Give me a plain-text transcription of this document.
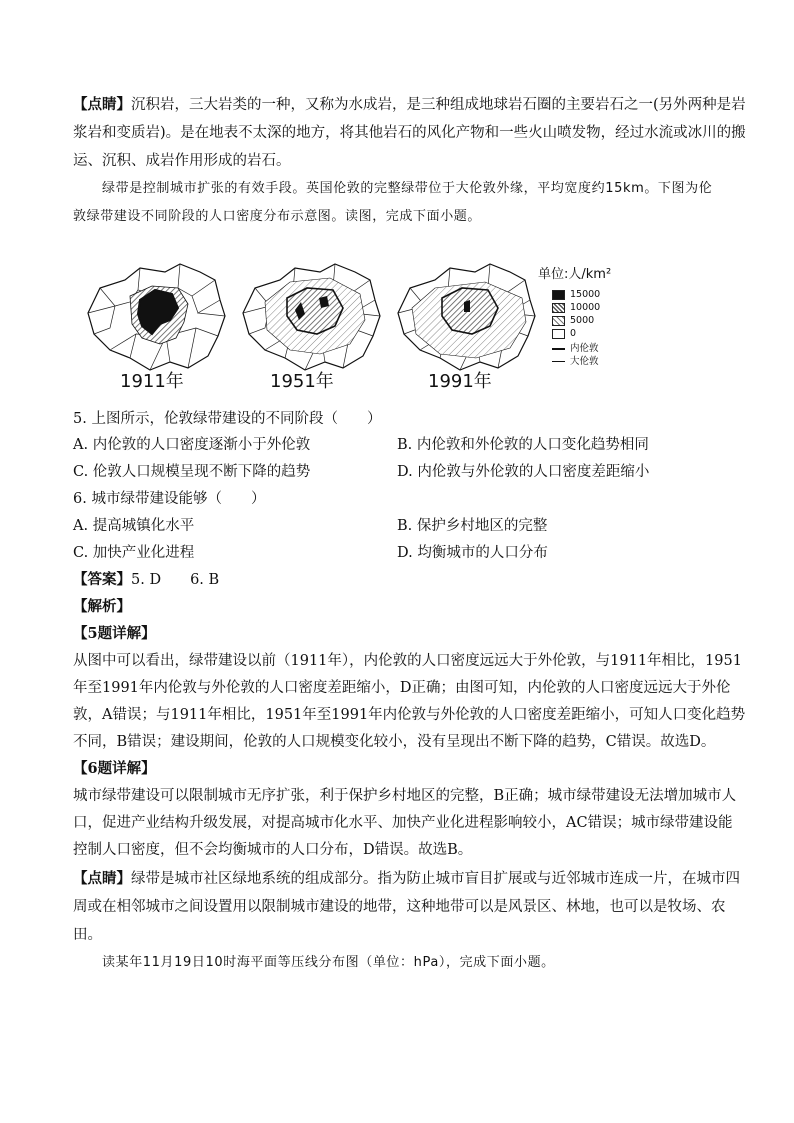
【点睛】沉积岩，三大岩类的一种，又称为水成岩，是三种组成地球岩石圈的主要岩石之一(另外两种是岩
浆岩和变质岩)。是在地表不太深的地方，将其他岩石的风化产物和一些火山喷发物，经过水流或冰川的搬
运、沉积、成岩作用形成的岩石。
绿带是控制城市扩张的有效手段。英国伦敦的完整绿带位于大伦敦外缘，平均宽度约15km。下图为伦
敦绿带建设不同阶段的人口密度分布示意图。读图，完成下面小题。
单位:人/km²
15000
10000
5000
0
内伦敦
大伦敦
1911年	1951年	1991年
5. 上图所示，伦敦绿带建设的不同阶段（　　）
A. 内伦敦的人口密度逐渐小于外伦敦	B. 内伦敦和外伦敦的人口变化趋势相同
C. 伦敦人口规模呈现不断下降的趋势	D. 内伦敦与外伦敦的人口密度差距缩小
6. 城市绿带建设能够（　　）
A. 提高城镇化水平	B. 保护乡村地区的完整
C. 加快产业化进程	D. 均衡城市的人口分布
【答案】5. D　　6. B
【解析】
【5题详解】
从图中可以看出，绿带建设以前（1911年），内伦敦的人口密度远远大于外伦敦，与1911年相比，1951
年至1991年内伦敦与外伦敦的人口密度差距缩小，D正确；由图可知，内伦敦的人口密度远远大于外伦
敦，A错误；与1911年相比，1951年至1991年内伦敦与外伦敦的人口密度差距缩小，可知人口变化趋势
不同，B错误；建设期间，伦敦的人口规模变化较小，没有呈现出不断下降的趋势，C错误。故选D。
【6题详解】
城市绿带建设可以限制城市无序扩张，利于保护乡村地区的完整，B正确；城市绿带建设无法增加城市人
口，促进产业结构升级发展，对提高城市化水平、加快产业化进程影响较小，AC错误；城市绿带建设能
控制人口密度，但不会均衡城市的人口分布，D错误。故选B。
【点睛】绿带是城市社区绿地系统的组成部分。指为防止城市盲目扩展或与近邻城市连成一片，在城市四
周或在相邻城市之间设置用以限制城市建设的地带，这种地带可以是风景区、林地，也可以是牧场、农
田。
读某年11月19日10时海平面等压线分布图（单位：hPa），完成下面小题。
